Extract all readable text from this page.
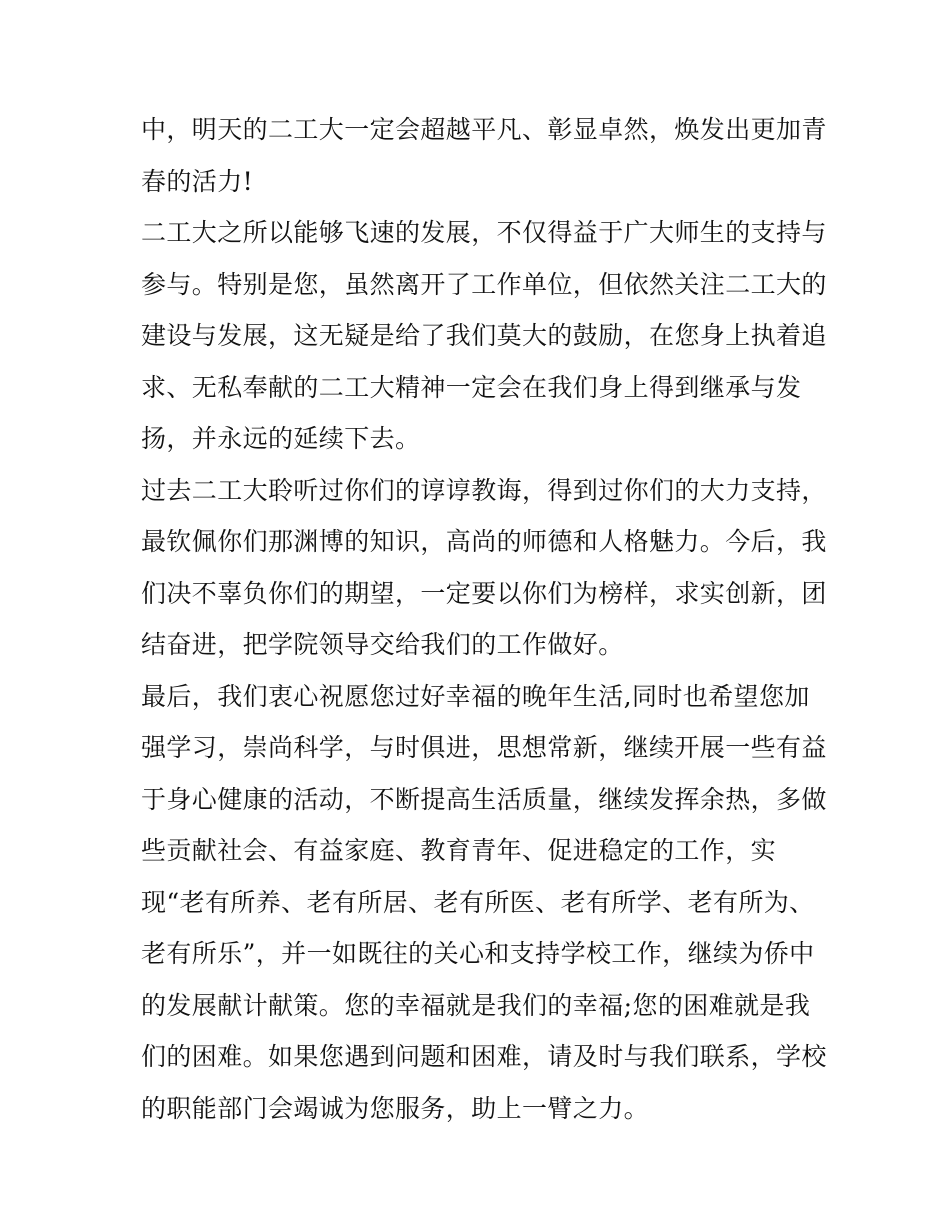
中，明天的二工大一定会超越平凡、彰显卓然，焕发出更加青
春的活力!
二工大之所以能够飞速的发展，不仅得益于广大师生的支持与
参与。特别是您，虽然离开了工作单位，但依然关注二工大的
建设与发展，这无疑是给了我们莫大的鼓励，在您身上执着追
求、无私奉献的二工大精神一定会在我们身上得到继承与发
扬，并永远的延续下去。
过去二工大聆听过你们的谆谆教诲，得到过你们的大力支持，
最钦佩你们那渊博的知识，高尚的师德和人格魅力。今后，我
们决不辜负你们的期望，一定要以你们为榜样，求实创新，团
结奋进，把学院领导交给我们的工作做好。
最后，我们衷心祝愿您过好幸福的晚年生活,同时也希望您加
强学习，崇尚科学，与时俱进，思想常新，继续开展一些有益
于身心健康的活动，不断提高生活质量，继续发挥余热，多做
些贡献社会、有益家庭、教育青年、促进稳定的工作，实
现“老有所养、老有所居、老有所医、老有所学、老有所为、
老有所乐”，并一如既往的关心和支持学校工作，继续为侨中
的发展献计献策。您的幸福就是我们的幸福;您的困难就是我
们的困难。如果您遇到问题和困难，请及时与我们联系，学校
的职能部门会竭诚为您服务，助上一臂之力。
